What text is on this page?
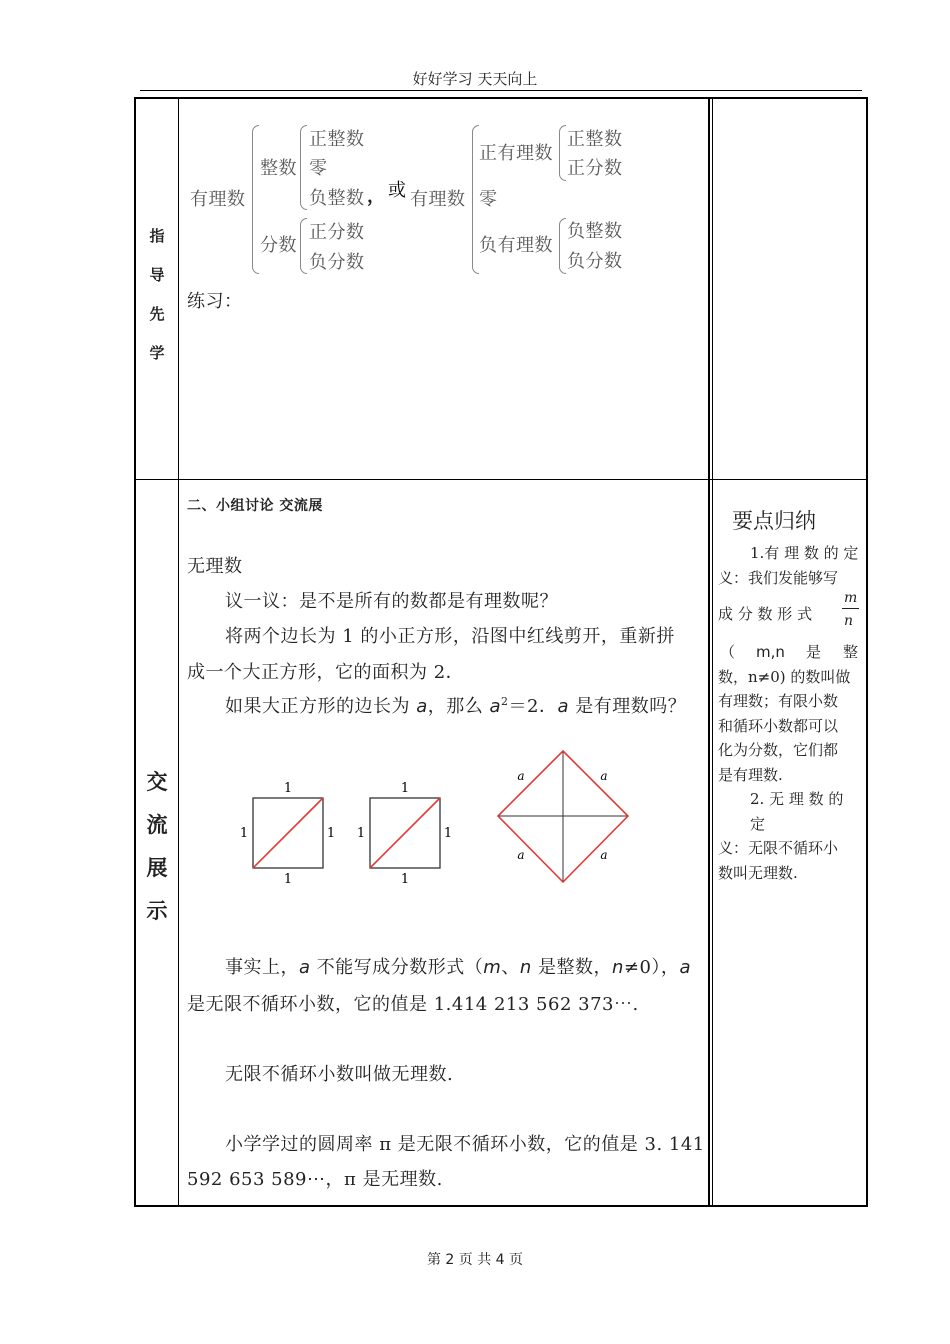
好好学习 天天向上
指
导
先
学
交
流
展
示
有理数
整数
分数
正整数
零
负整数 ，
正分数
负分数
或 有理数
正有理数
零
负有理数
正整数
正分数
负整数
负分数
练习：
二、小组讨论 交流展
无理数
议一议：是不是所有的数都是有理数呢？
将两个边长为 1 的小正方形，沿图中红线剪开，重新拼
成一个大正方形，它的面积为 2．
如果大正方形的边长为 a，那么 $a^2=2$．a 是有理数吗？
1
1
1	1
1
1
1	1
a	a
a	a
事实上，a 不能写成分数形式（m、n 是整数，n≠0），a
是无限不循环小数，它的值是 1.414 213 562 373⋯.
无限不循环小数叫做无理数.
小学学过的圆周率 π 是无限不循环小数，它的值是 3. 141
592 653 589⋯，π 是无理数.
要点归纳
1.有 理 数 的 定
义：我们发能够写
成 分 数 形 式
m
n
（ m,n 是 整
数，n≠0) 的数叫做
有理数；有限小数
和循环小数都可以
化为分数，它们都
是有理数.
2. 无 理 数 的 定
义：无限不循环小
数叫无理数.
第 2 页 共 4 页
